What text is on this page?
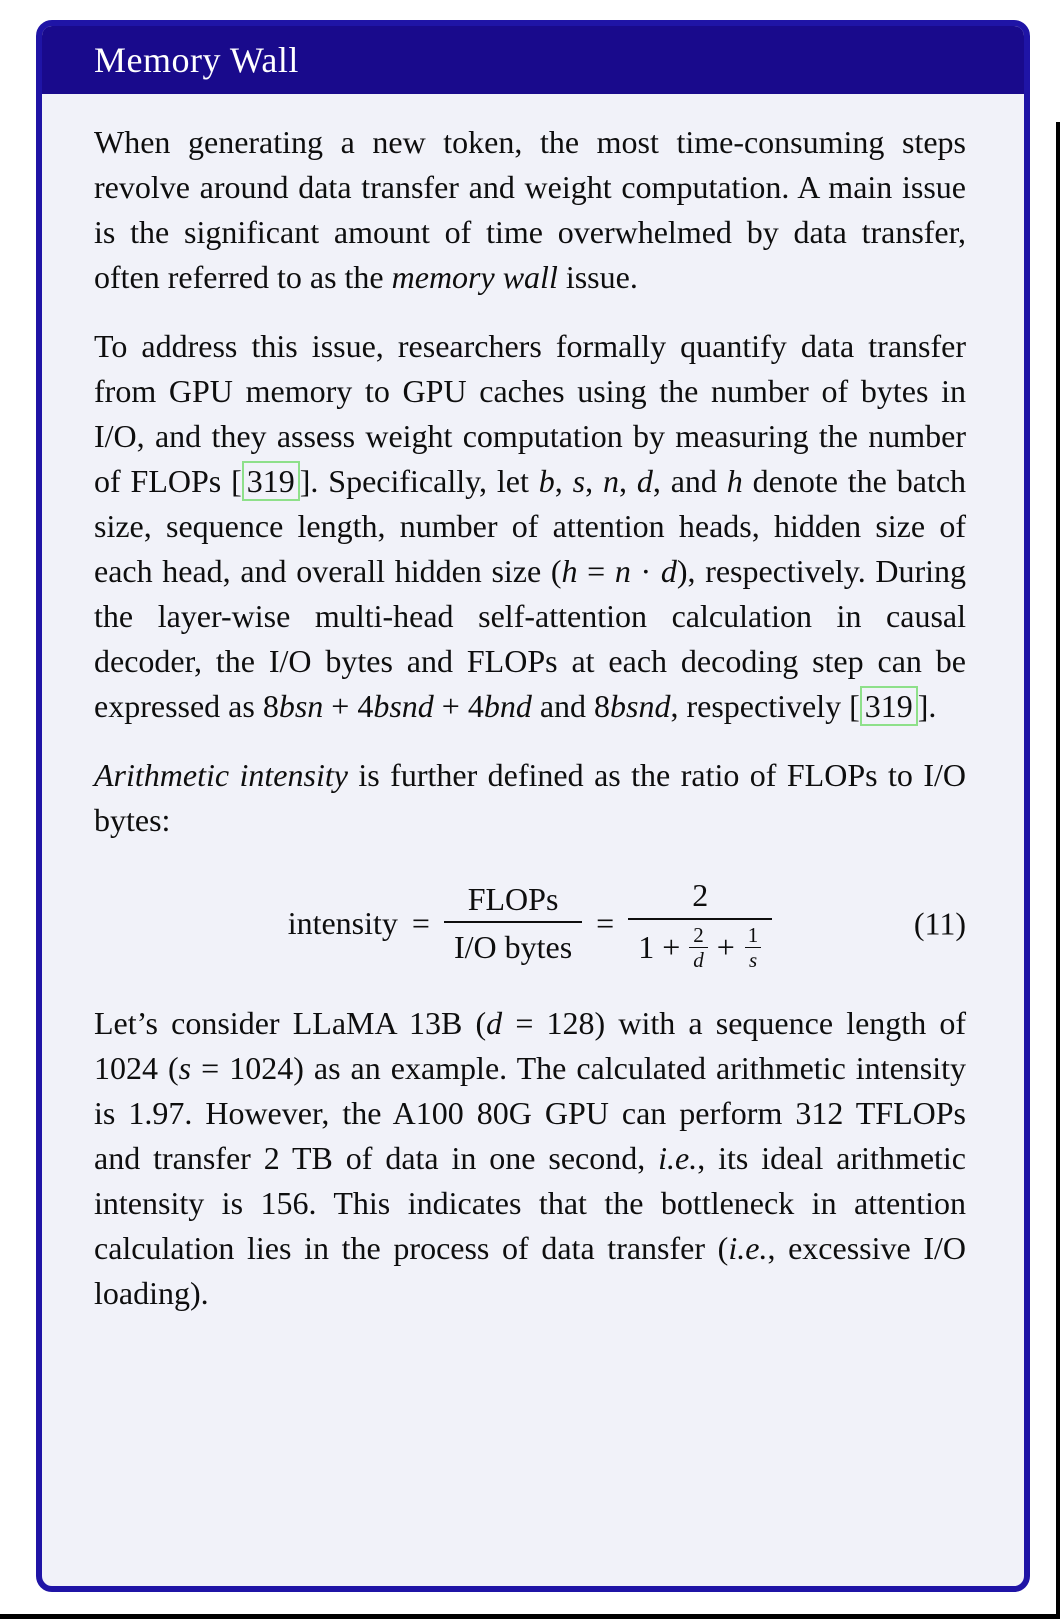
Memory Wall

When generating a new token, the most time-consuming steps revolve around data transfer and weight computation. A main issue is the significant amount of time overwhelmed by data transfer, often referred to as the memory wall issue.

To address this issue, researchers formally quantify data transfer from GPU memory to GPU caches using the number of bytes in I/O, and they assess weight computation by measuring the number of FLOPs [ 319 ]. Specifically, let b, s, n, d, and h denote the batch size, sequence length, number of attention heads, hidden size of each head, and overall hidden size (h = n · d), respectively. During the layer-wise multi-head self-attention calculation in causal decoder, the I/O bytes and FLOPs at each decoding step can be expressed as 8bsn + 4bsnd + 4bnd and 8bsnd, respectively [ 319 ].

Arithmetic intensity is further defined as the ratio of FLOPs to I/O bytes:

intensity = $\frac{\text{FLOPs}}{\text{I/O bytes}}$ =
2
$1 + \frac{2}{d} + \frac{1}{s}$
(11)

Let’s consider LLaMA 13B (d = 128) with a sequence length of 1024 (s = 1024) as an example. The calculated arithmetic intensity is 1.97. However, the A100 80G GPU can perform 312 TFLOPs and transfer 2 TB of data in one second, i.e., its ideal arithmetic intensity is 156. This indicates that the bottleneck in attention calculation lies in the process of data transfer (i.e., excessive I/O loading).
